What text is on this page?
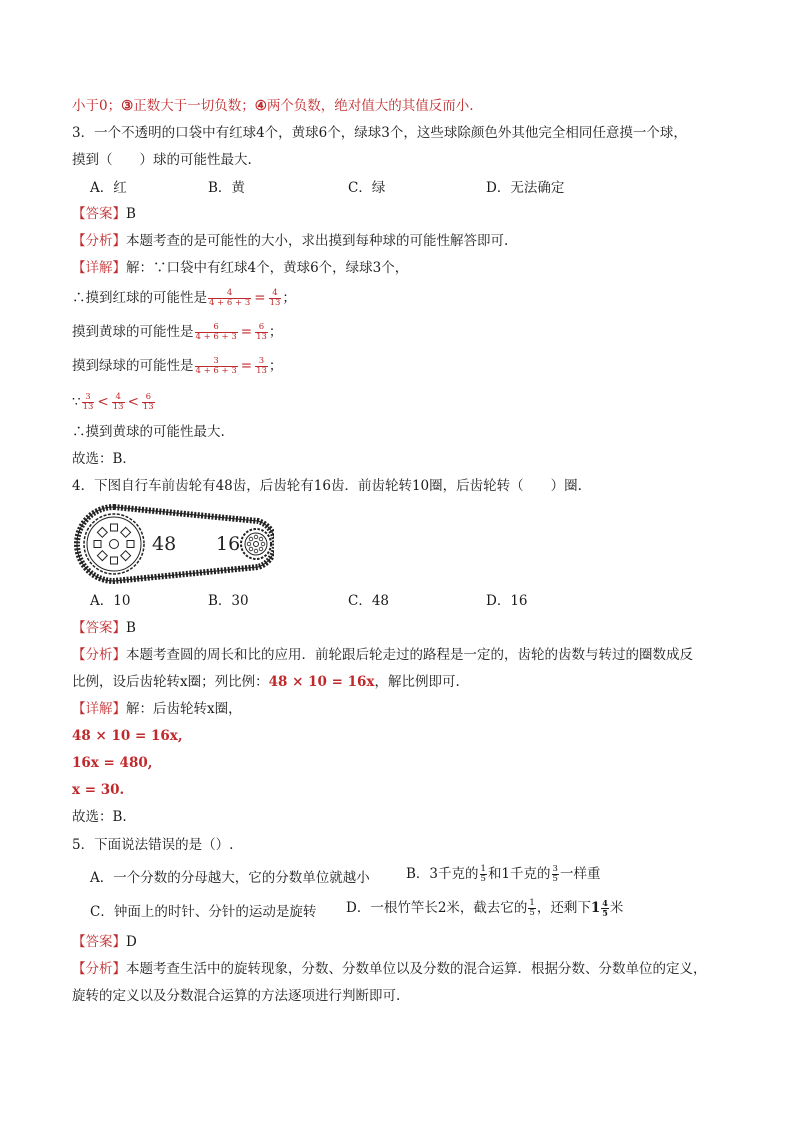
小于0；③正数大于一切负数；④两个负数，绝对值大的其值反而小.
3．一个不透明的口袋中有红球4个，黄球6个，绿球3个，这些球除颜色外其他完全相同任意摸一个球，
摸到（　　）球的可能性最大.
A．红	B．黄	C．绿	D．无法确定
【答案】B
【分析】本题考查的是可能性的大小，求出摸到每种球的可能性解答即可.
【详解】解：∵口袋中有红球4个，黄球6个，绿球3个，
∴摸到红球的可能性是 $\frac{4}{4 + 6 + 3} = \frac{4}{13}$ ；
摸到黄球的可能性是 $\frac{6}{4 + 6 + 3} = \frac{6}{13}$ ；
摸到绿球的可能性是 $\frac{3}{4 + 6 + 3} = \frac{3}{13}$ ；
∵ $\frac{3}{13} < \frac{4}{13} < \frac{6}{13}$
∴摸到黄球的可能性最大.
故选：B．
4．下图自行车前齿轮有48齿，后齿轮有16齿．前齿轮转10圈，后齿轮转（　　）圈.
48 16
A．10	B．30	C．48	D．16
【答案】B
【分析】本题考查圆的周长和比的应用．前轮跟后轮走过的路程是一定的，齿轮的齿数与转过的圈数成反
比例，设后齿轮转x圈；列比例：48 × 10 = 16x，解比例即可.
【详解】解：后齿轮转x圈，
48 × 10 = 16x,
16x = 480,
x = 30.
故选：B.
5．下面说法错误的是（）.
A．一个分数的分母越大，它的分数单位就越小	B．3千克的 $\frac{1}{5}$ 和1千克的 $\frac{3}{5}$ 一样重
C．钟面上的时针、分针的运动是旋转 D．一根竹竿长2米，截去它的 $\frac{1}{5}$ ，还剩下$1 \frac{4}{5}$ 米
【答案】D
【分析】本题考查生活中的旋转现象，分数、分数单位以及分数的混合运算．根据分数、分数单位的定义，
旋转的定义以及分数混合运算的方法逐项进行判断即可.
